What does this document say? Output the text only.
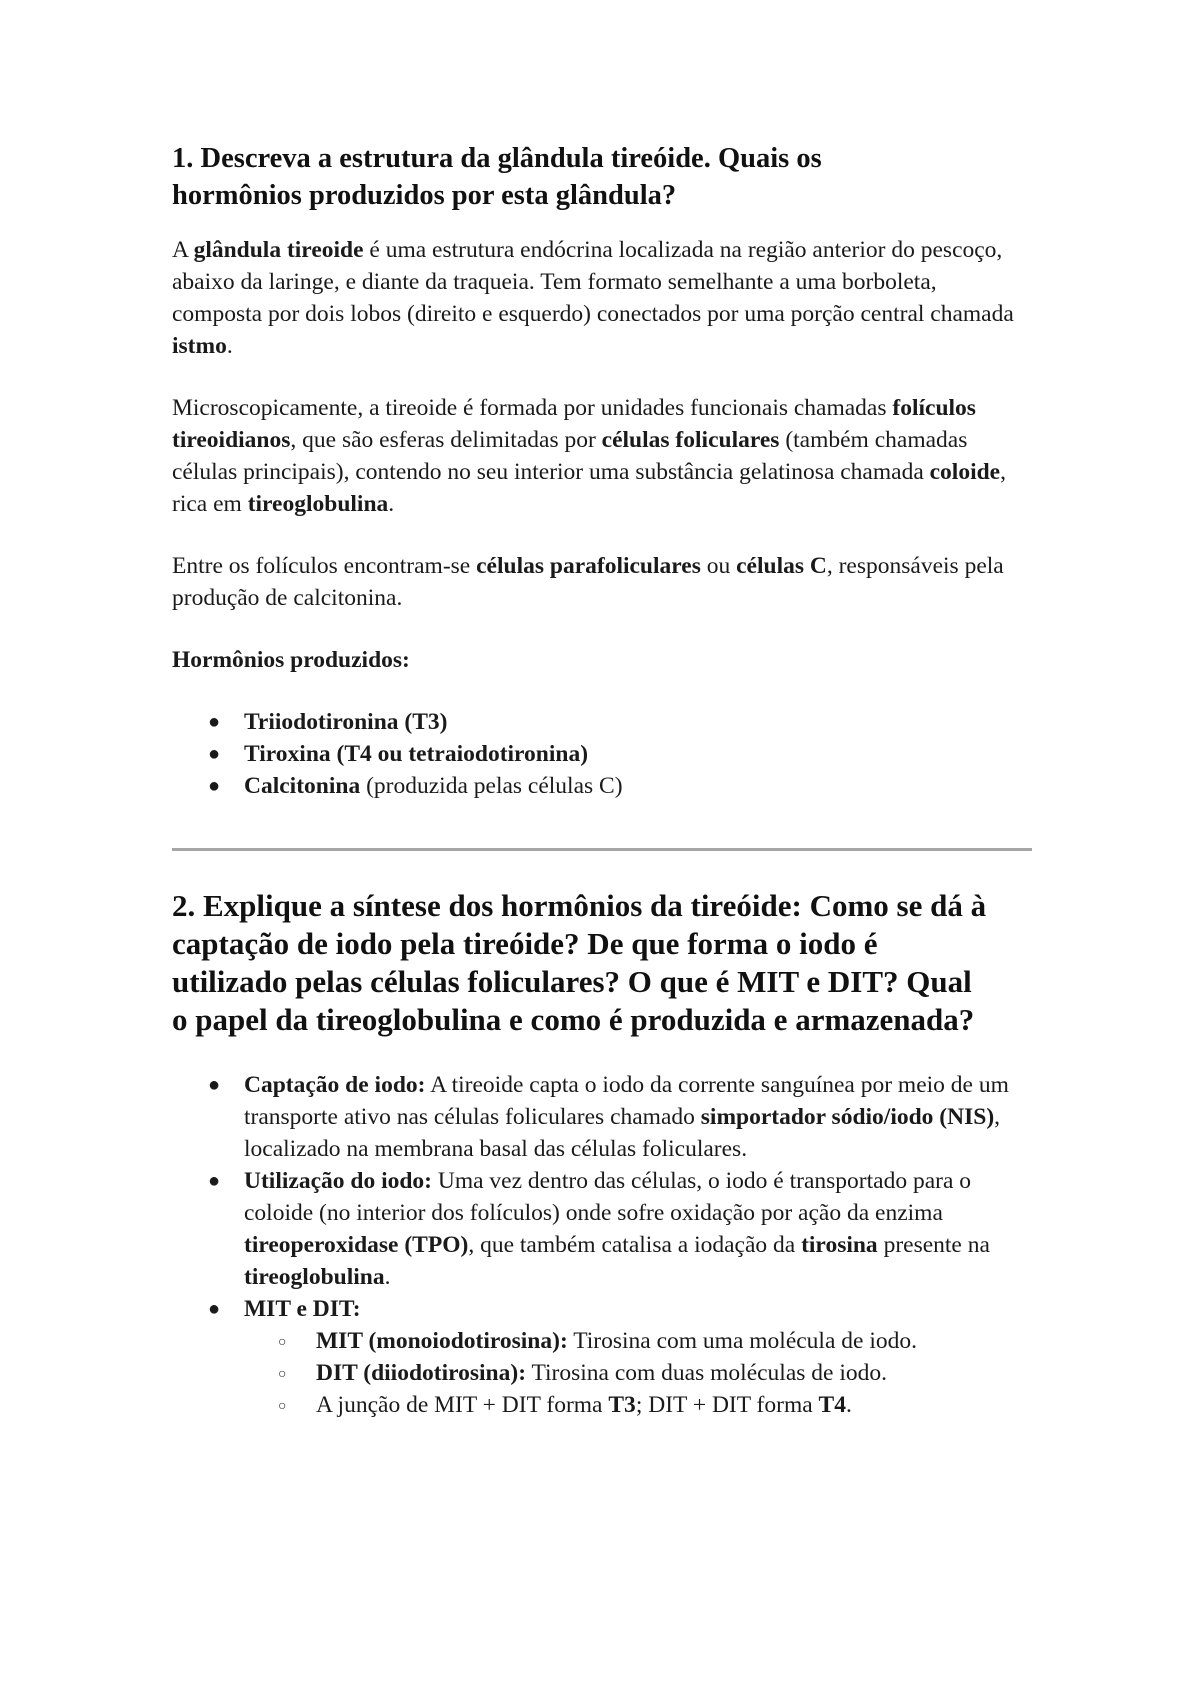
1. Descreva a estrutura da glândula tireóide. Quais os
hormônios produzidos por esta glândula?

A glândula tireoide é uma estrutura endócrina localizada na região anterior do pescoço, abaixo da laringe, e diante da traqueia. Tem formato semelhante a uma borboleta, composta por dois lobos (direito e esquerdo) conectados por uma porção central chamada istmo.

Microscopicamente, a tireoide é formada por unidades funcionais chamadas folículos tireoidianos, que são esferas delimitadas por células foliculares (também chamadas células principais), contendo no seu interior uma substância gelatinosa chamada coloide, rica em tireoglobulina.

Entre os folículos encontram-se células parafoliculares ou células C, responsáveis pela produção de calcitonina.

Hormônios produzidos:

● Triiodotironina (T3)
● Tiroxina (T4 ou tetraiodotironina)
● Calcitonina (produzida pelas células C)
2. Explique a síntese dos hormônios da tireóide: Como se dá à
captação de iodo pela tireóide? De que forma o iodo é
utilizado pelas células foliculares? O que é MIT e DIT? Qual
o papel da tireoglobulina e como é produzida e armazenada?
● Captação de iodo: A tireoide capta o iodo da corrente sanguínea por meio de um transporte ativo nas células foliculares chamado simportador sódio/iodo (NIS), localizado na membrana basal das células foliculares.
● Utilização do iodo: Uma vez dentro das células, o iodo é transportado para o coloide (no interior dos folículos) onde sofre oxidação por ação da enzima tireoperoxidase (TPO), que também catalisa a iodação da tirosina presente na tireoglobulina.
● MIT e DIT:
○ MIT (monoiodotirosina): Tirosina com uma molécula de iodo.
○ DIT (diiodotirosina): Tirosina com duas moléculas de iodo.
○ A junção de MIT + DIT forma T3; DIT + DIT forma T4.
